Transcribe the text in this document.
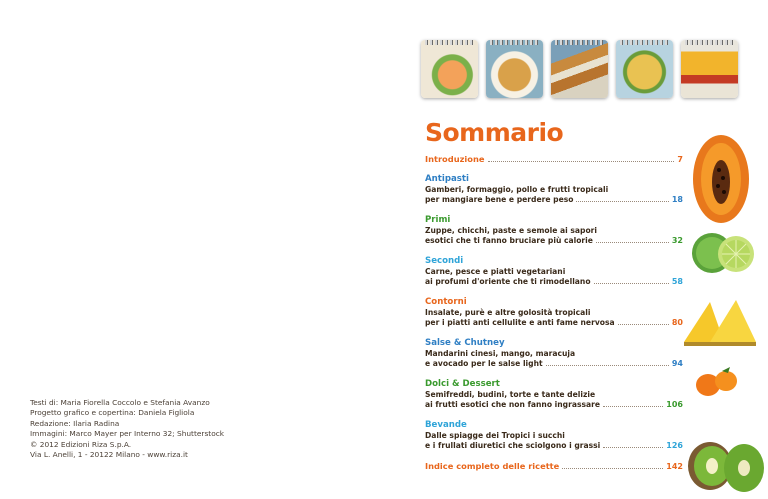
Testi di: Maria Fiorella Coccolo e Stefania Avanzo
Progetto grafico e copertina: Daniela Figliola
Redazione: Ilaria Radina
Immagini: Marco Mayer per Interno 32; Shutterstock
© 2012 Edizioni Riza S.p.A.
Via L. Anelli, 1 - 20122 Milano - www.riza.it
Sommario
Introduzione	7
Antipasti
Gamberi, formaggio, pollo e frutti tropicali
per mangiare bene e perdere peso	18
Primi
Zuppe, chicchi, paste e semole ai sapori
esotici che ti fanno bruciare più calorie	32
Secondi
Carne, pesce e piatti vegetariani
ai profumi d'oriente che ti rimodellano	58
Contorni
Insalate, purè e altre golosità tropicali
per i piatti anti cellulite e anti fame nervosa	80
Salse & Chutney
Mandarini cinesi, mango, maracuja
e avocado per le salse light	94
Dolci & Dessert
Semifreddi, budini, torte e tante delizie
ai frutti esotici che non fanno ingrassare	106
Bevande
Dalle spiagge dei Tropici i succhi
e i frullati diuretici che sciolgono i grassi	126
Indice completo delle ricette	142
